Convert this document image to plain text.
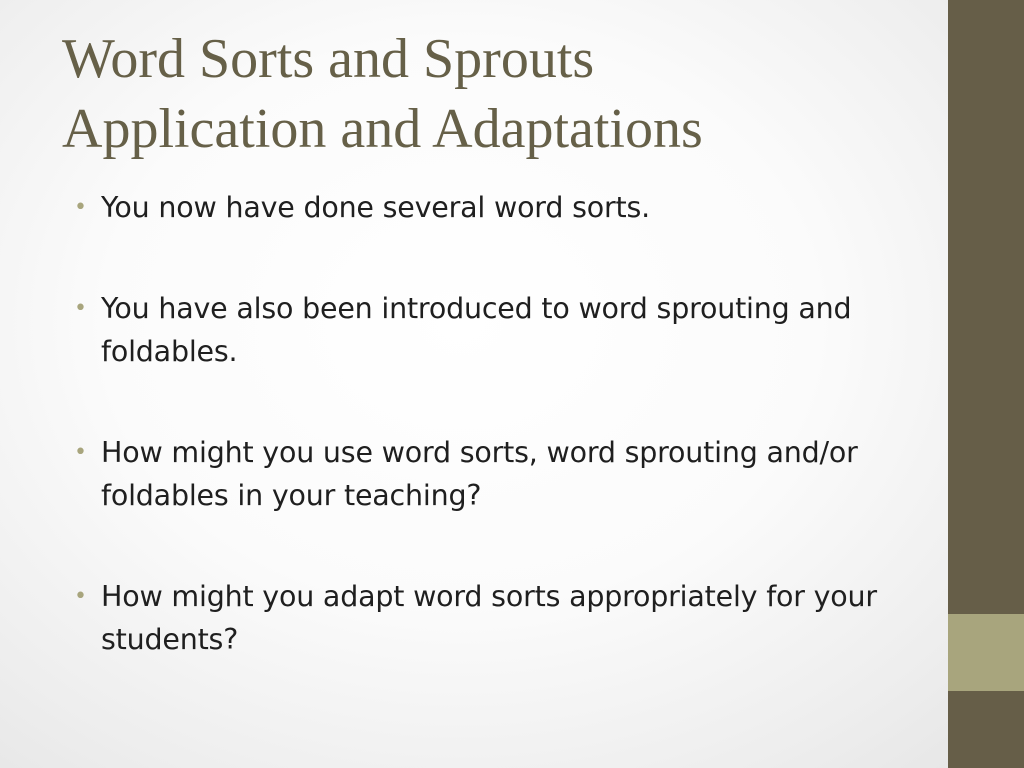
Word Sorts and Sprouts
Application and Adaptations
• You now have done several word sorts.
• You have also been introduced to word sprouting and foldables.
• How might you use word sorts, word sprouting and/or foldables in your teaching?
• How might you adapt word sorts appropriately for your students?
